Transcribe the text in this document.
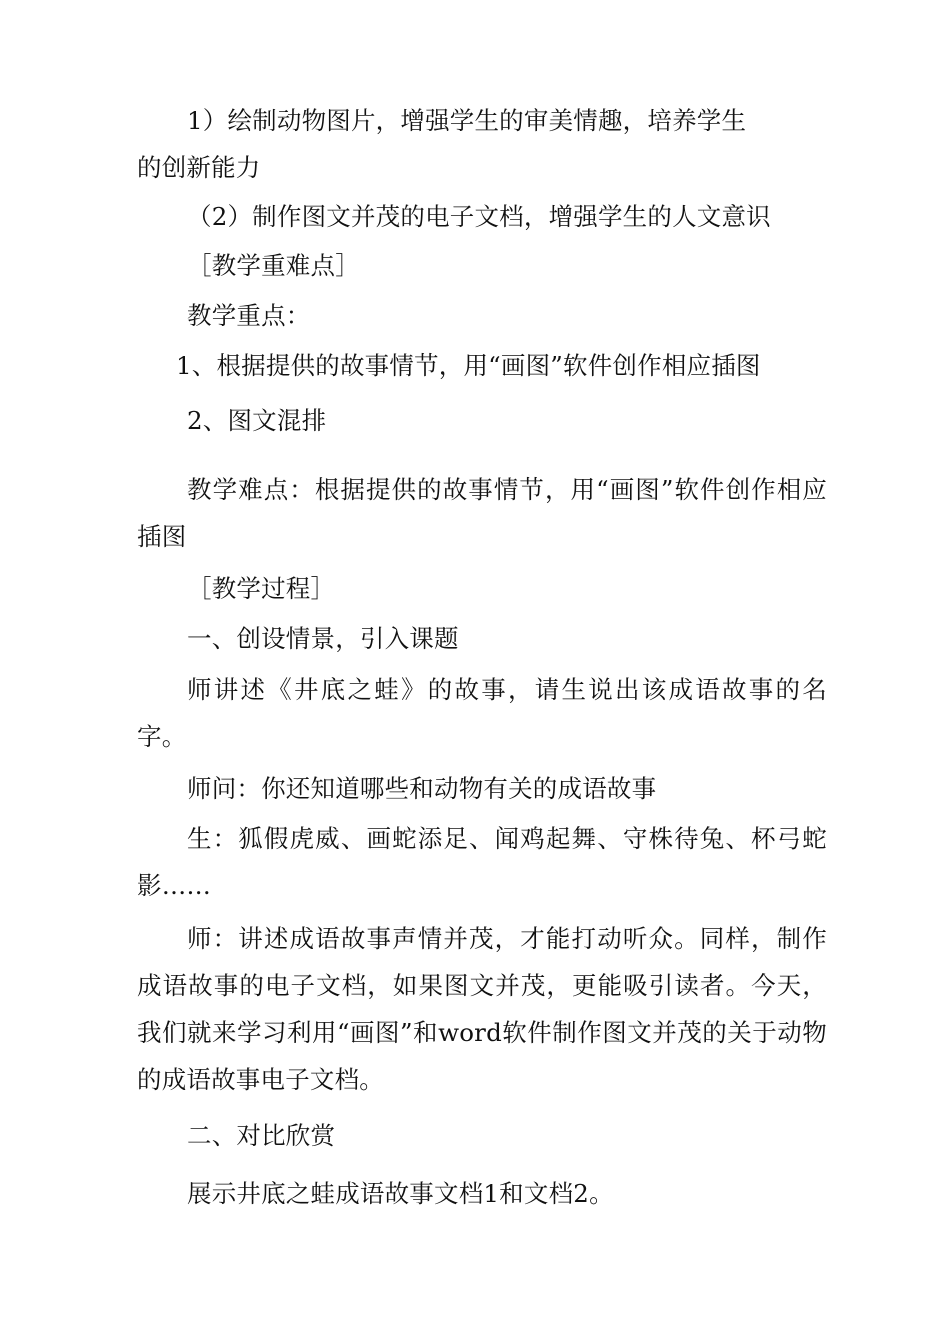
1）绘制动物图片，增强学生的审美情趣，培养学生

的创新能力

（2）制作图文并茂的电子文档，增强学生的人文意识

［教学重难点］

教学重点：

1、根据提供的故事情节，用“画图”软件创作相应插图

2、图文混排

教学难点：根据提供的故事情节，用“画图”软件创作相应插图

［教学过程］

一、创设情景，引入课题

师讲述《井底之蛙》的故事，请生说出该成语故事的名字。

师问：你还知道哪些和动物有关的成语故事

生：狐假虎威、画蛇添足、闻鸡起舞、守株待兔、杯弓蛇影……

师：讲述成语故事声情并茂，才能打动听众。同样，制作成语故事的电子文档，如果图文并茂，更能吸引读者。今天，我们就来学习利用“画图”和word软件制作图文并茂的关于动物的成语故事电子文档。

二、对比欣赏

展示井底之蛙成语故事文档1和文档2。
